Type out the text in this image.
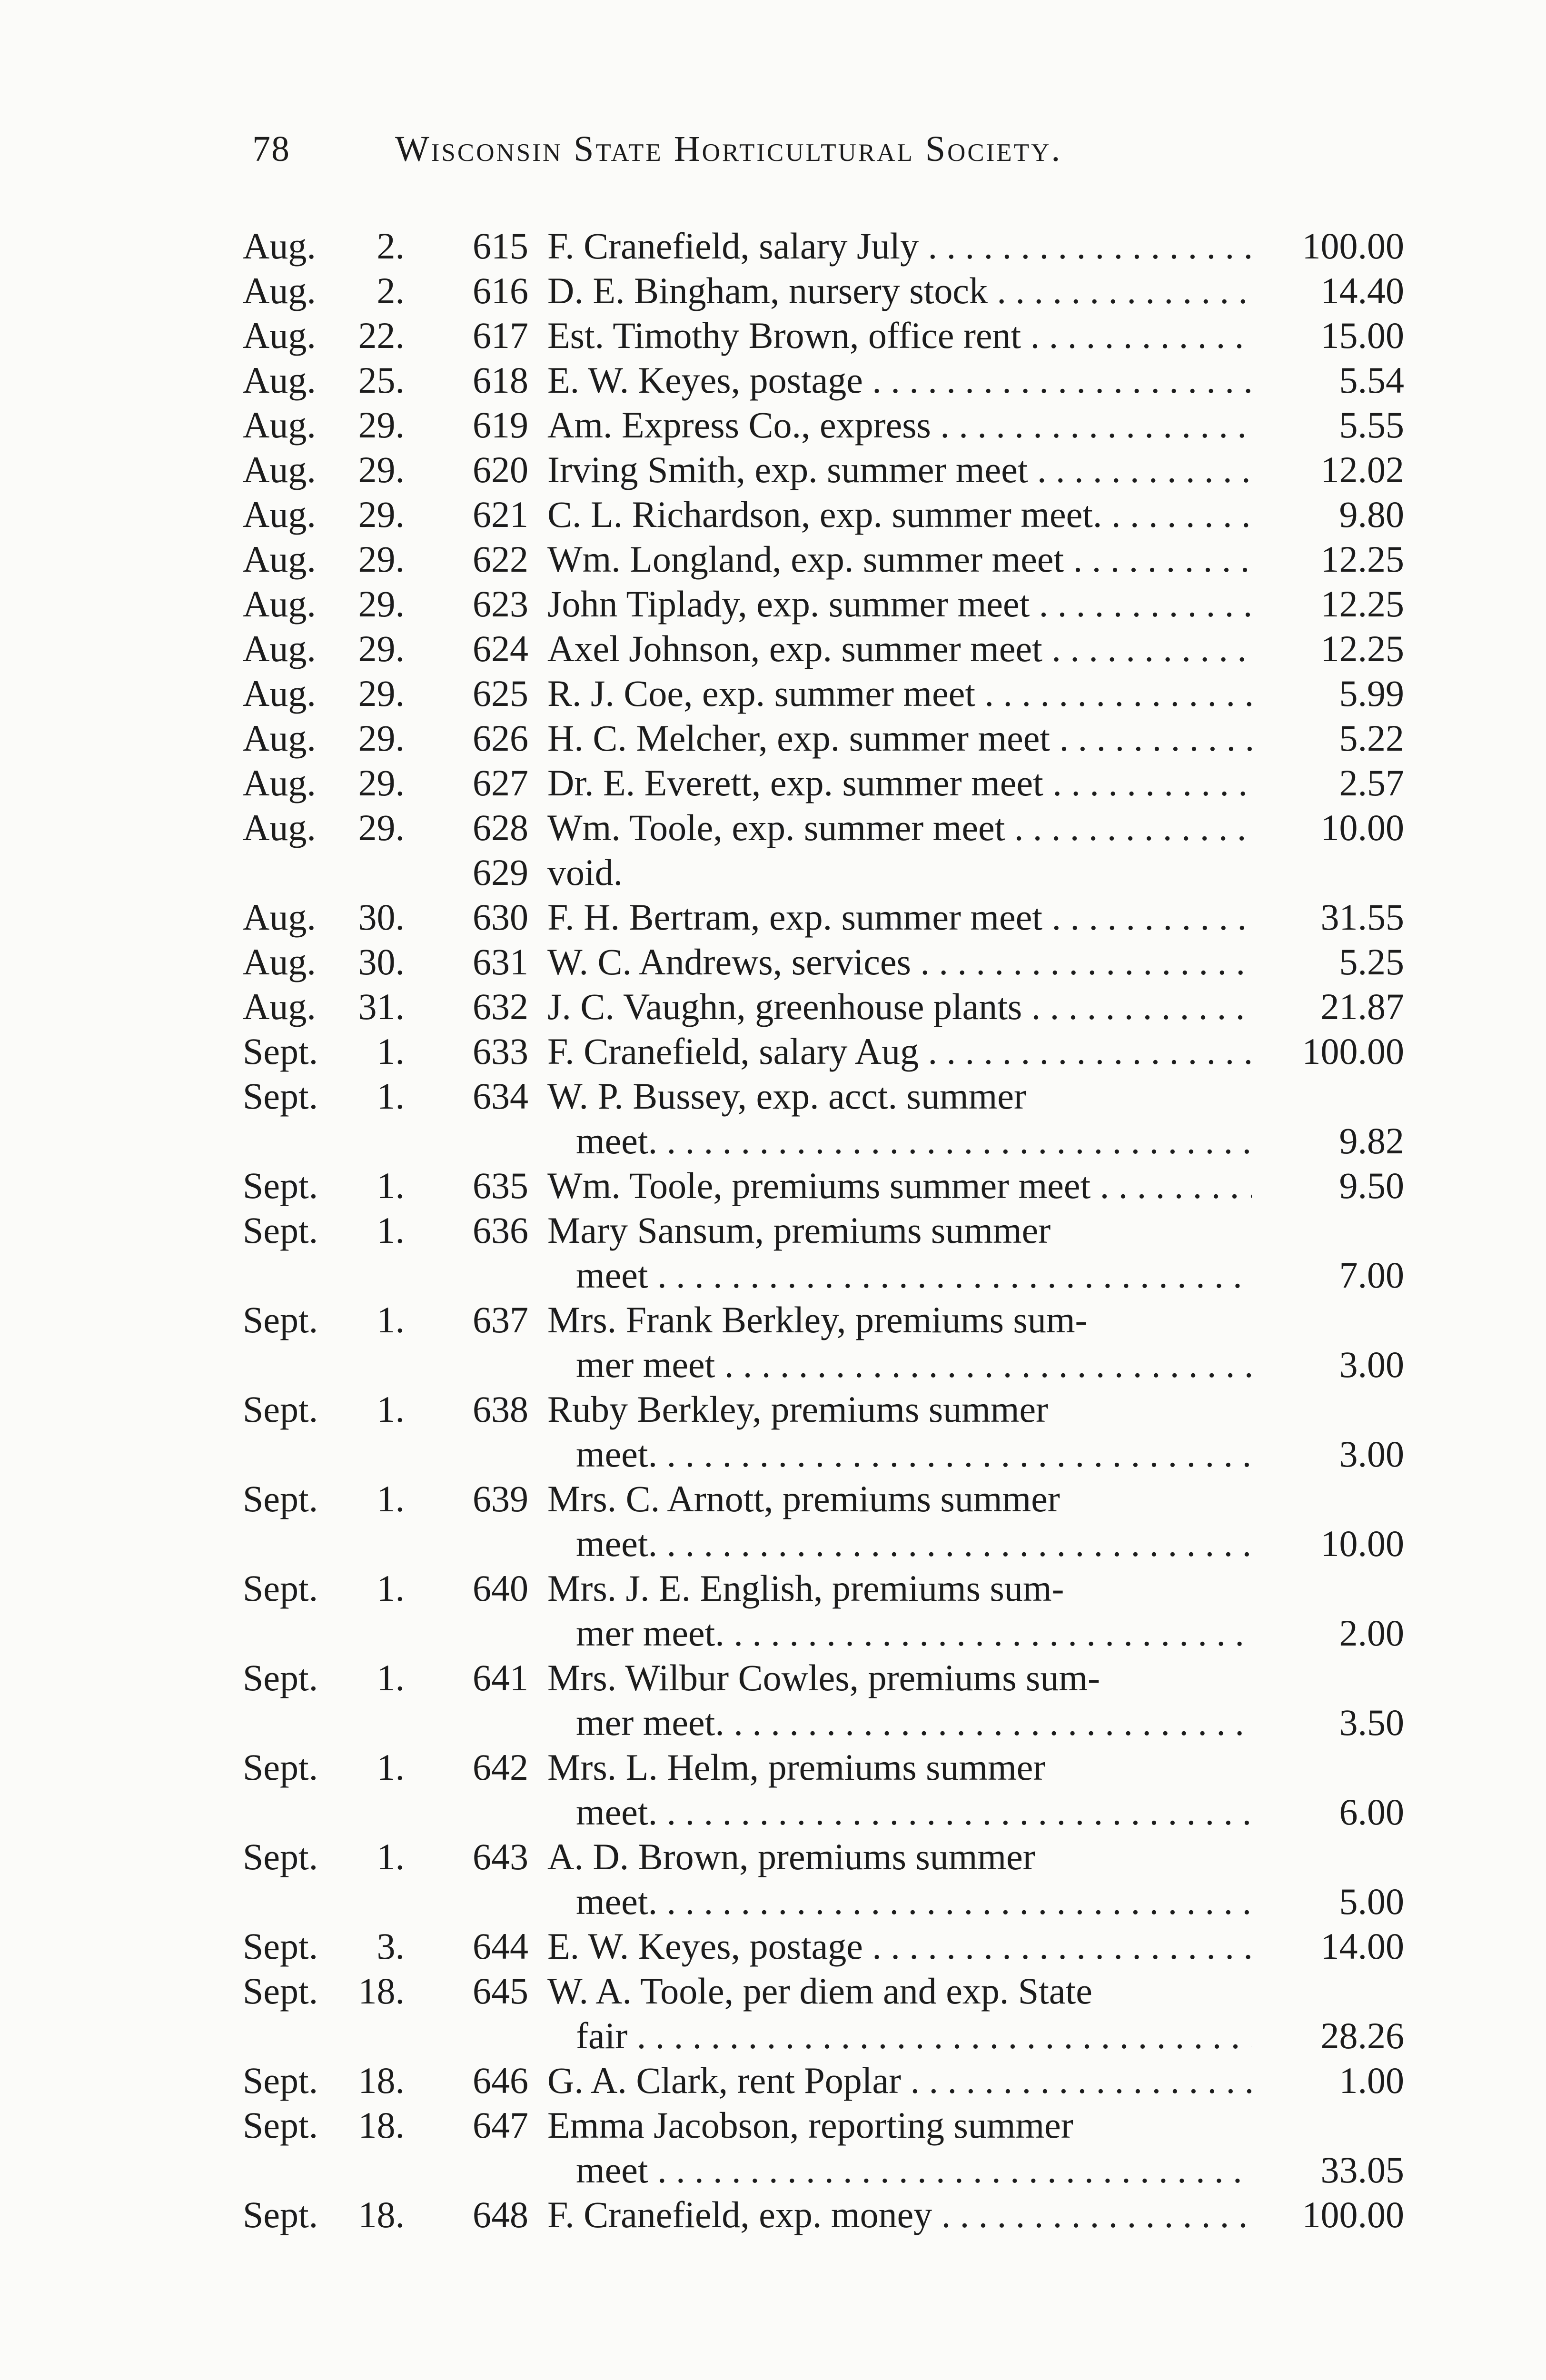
78	Wisconsin State Horticultural Society.
Aug.	2.	615 F. Cranefield, salary July . . .	100.00
Aug.	2.	616 D. E. Bingham, nursery stock . . .	14.40
Aug.	22.	617 Est. Timothy Brown, office rent . . .	15.00
Aug.	25.	618 E. W. Keyes, postage . . .	5.54
Aug.	29.	619 Am. Express Co., express . . .	5.55
Aug.	29.	620 Irving Smith, exp. summer meet . . .	12.02
Aug.	29.	621 C. L. Richardson, exp. summer meet. . . .	9.80
Aug.	29.	622 Wm. Longland, exp. summer meet . . .	12.25
Aug.	29.	623 John Tiplady, exp. summer meet . . .	12.25
Aug.	29.	624 Axel Johnson, exp. summer meet . . .	12.25
Aug.	29.	625 R. J. Coe, exp. summer meet . . .	5.99
Aug.	29.	626 H. C. Melcher, exp. summer meet . . .	5.22
Aug.	29.	627 Dr. E. Everett, exp. summer meet . . .	2.57
Aug.	29.	628 Wm. Toole, exp. summer meet . . .	10.00
629 void.
Aug.	30.	630 F. H. Bertram, exp. summer meet . . .	31.55
Aug.	30.	631 W. C. Andrews, services . . .	5.25
Aug.	31.	632 J. C. Vaughn, greenhouse plants . . .	21.87
Sept.	1.	633 F. Cranefield, salary Aug . . .	100.00
Sept.	1.	634 W. P. Bussey, exp. acct. summer
meet. . . .	9.82
Sept.	1.	635 Wm. Toole, premiums summer meet . . .	9.50
Sept.	1.	636 Mary Sansum, premiums summer
meet . . .	7.00
Sept.	1.	637 Mrs. Frank Berkley, premiums sum-
mer meet . . .	3.00
Sept.	1.	638 Ruby Berkley, premiums summer
meet. . . .	3.00
Sept.	1.	639 Mrs. C. Arnott, premiums summer
meet. . . .	10.00
Sept.	1.	640 Mrs. J. E. English, premiums sum-
mer meet. . . .	2.00
Sept.	1.	641 Mrs. Wilbur Cowles, premiums sum-
mer meet. . . .	3.50
Sept.	1.	642 Mrs. L. Helm, premiums summer
meet. . . .	6.00
Sept.	1.	643 A. D. Brown, premiums summer
meet. . . .	5.00
Sept.	3.	644 E. W. Keyes, postage . . .	14.00
Sept.	18.	645 W. A. Toole, per diem and exp. State
fair . . .	28.26
Sept.	18.	646 G. A. Clark, rent Poplar . . .	1.00
Sept.	18.	647 Emma Jacobson, reporting summer
meet . . .	33.05
Sept.	18.	648 F. Cranefield, exp. money . . .	100.00
